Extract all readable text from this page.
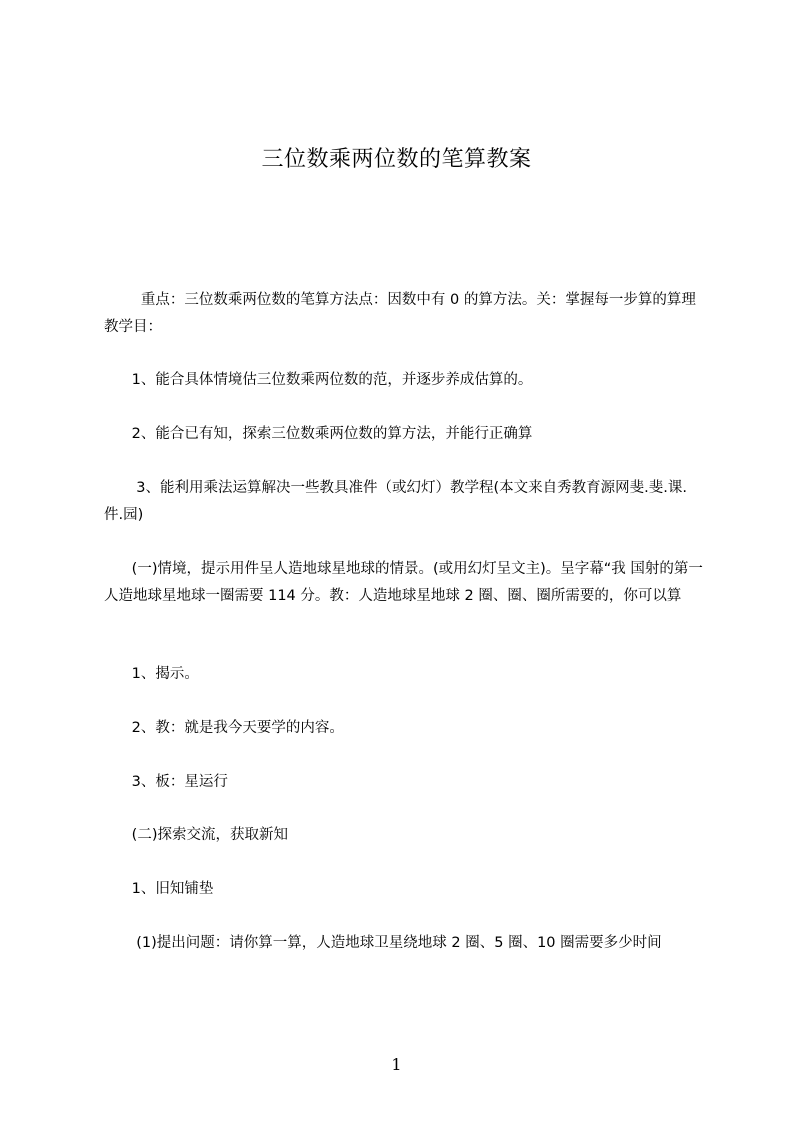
三位数乘两位数的笔算教案
重点：三位数乘两位数的笔算方法点：因数中有 0 的算方法。关：掌握每一步算的算理教学目：
1、能合具体情境估三位数乘两位数的范，并逐步养成估算的。
2、能合已有知，探索三位数乘两位数的算方法，并能行正确算
3、能利用乘法运算解决一些教具准件（或幻灯）教学程(本文来自秀教育源网斐.斐.课.件.园)
(一)情境，提示用件呈人造地球星地球的情景。(或用幻灯呈文主)。呈字幕“我 国射的第一人造地球星地球一圈需要 114 分。教：人造地球星地球 2 圈、圈、圈所需要的，你可以算
1、揭示。
2、教：就是我今天要学的内容。
3、板：星运行
(二)探索交流，获取新知
1、旧知铺垫
(1)提出问题：请你算一算，人造地球卫星绕地球 2 圈、5 圈、10 圈需要多少时间
1
